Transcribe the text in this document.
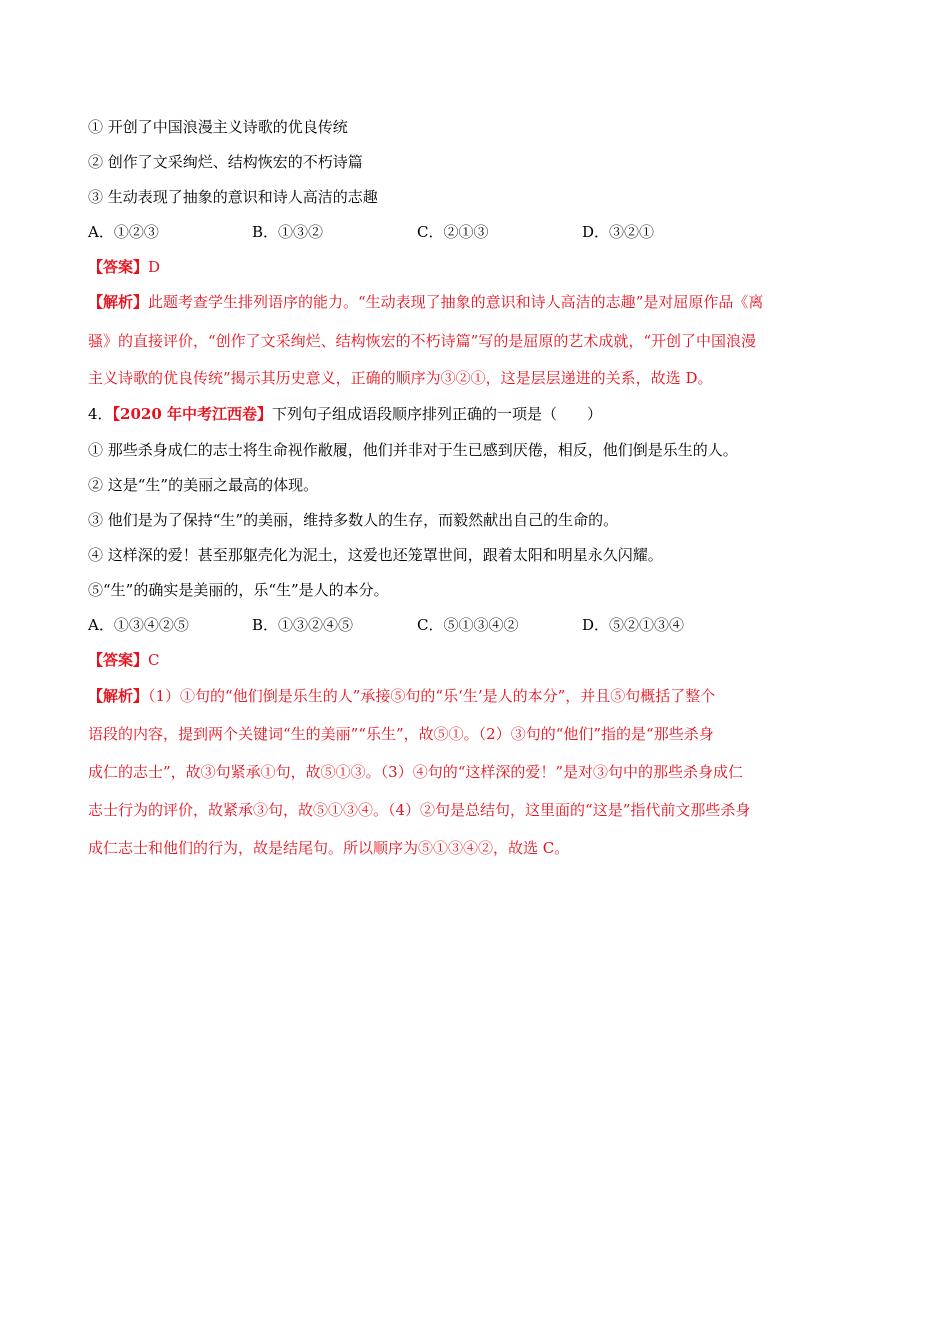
① 开创了中国浪漫主义诗歌的优良传统
② 创作了文采绚烂、结构恢宏的不朽诗篇
③ 生动表现了抽象的意识和诗人高洁的志趣
A．①②③	B．①③②	C．②①③	D．③②①
【答案】D
【解析】此题考查学生排列语序的能力。“生动表现了抽象的意识和诗人高洁的志趣”是对屈原作品《离
骚》的直接评价，“创作了文采绚烂、结构恢宏的不朽诗篇”写的是屈原的艺术成就，“开创了中国浪漫
主义诗歌的优良传统”揭示其历史意义，正确的顺序为③②①，这是层层递进的关系，故选 D。
4．【2020 年中考江西卷】下列句子组成语段顺序排列正确的一项是（　　）
① 那些杀身成仁的志士将生命视作敝履，他们并非对于生已感到厌倦，相反，他们倒是乐生的人。
② 这是“生”的美丽之最高的体现。
③ 他们是为了保持“生”的美丽，维持多数人的生存，而毅然献出自己的生命的。
④ 这样深的爱！甚至那躯壳化为泥土，这爱也还笼罩世间，跟着太阳和明星永久闪耀。
⑤“生”的确实是美丽的，乐“生”是人的本分。
A．①③④②⑤	B．①③②④⑤	C．⑤①③④②	D．⑤②①③④
【答案】C
【解析】（1）①句的“他们倒是乐生的人”承接⑤句的“乐‘生’是人的本分”，并且⑤句概括了整个
语段的内容，提到两个关键词“生的美丽”“乐生”，故⑤①。（2）③句的“他们”指的是“那些杀身
成仁的志士”，故③句紧承①句，故⑤①③。（3）④句的“这样深的爱！”是对③句中的那些杀身成仁
志士行为的评价，故紧承③句，故⑤①③④。（4）②句是总结句，这里面的“这是”指代前文那些杀身
成仁志士和他们的行为，故是结尾句。所以顺序为⑤①③④②，故选 C。
